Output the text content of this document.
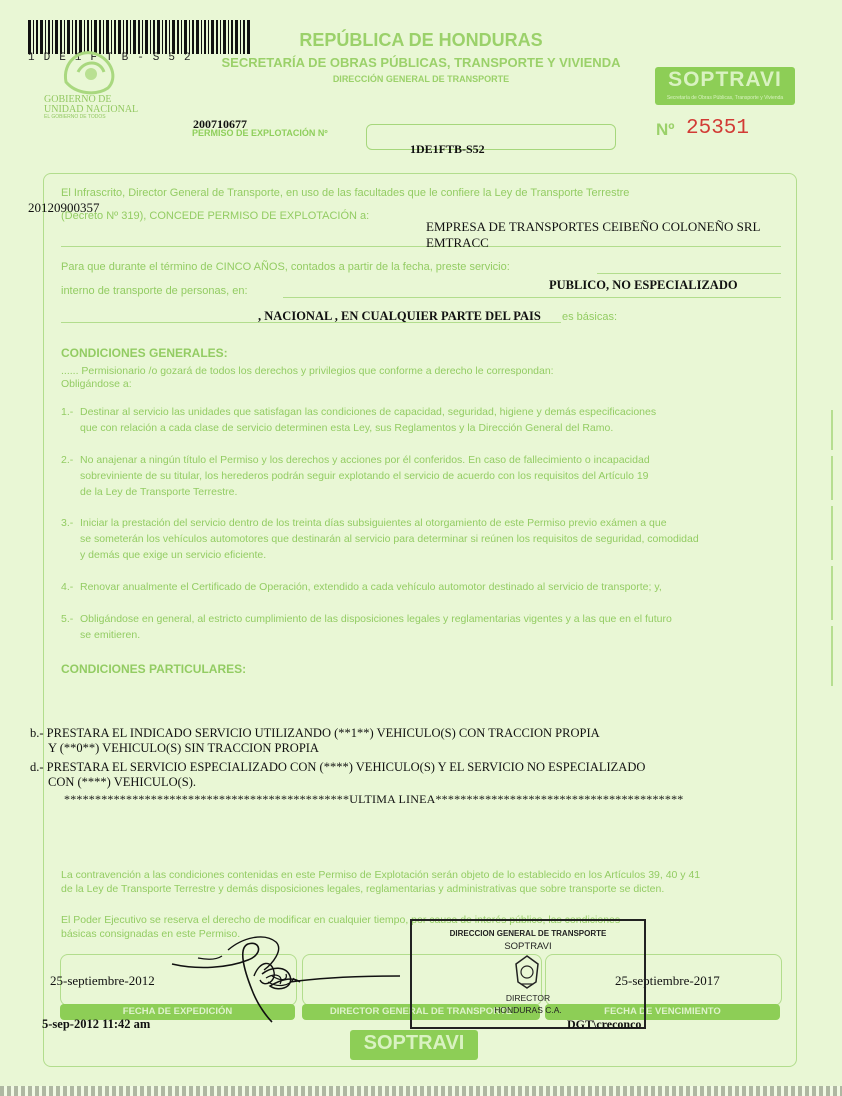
1DE1FTB-S52
GOBIERNO DE
UNIDAD NACIONAL
EL GOBIERNO DE TODOS
REPÚBLICA DE HONDURAS
SECRETARÍA DE OBRAS PÚBLICAS, TRANSPORTE Y VIVIENDA
DIRECCIÓN GENERAL DE TRANSPORTE	SOPTRAVI
Secretaría de Obras Públicas, Transporte y Vivienda
200710677
PERMISO DE EXPLOTACIÓN Nº
1DE1FTB-S52
Nº 25351
El Infrascrito, Director General de Transporte, en uso de las facultades que le confiere la Ley de Transporte Terrestre
(Decreto Nº 319), CONCEDE PERMISO DE EXPLOTACIÓN a:
20120900357
EMPRESA DE TRANSPORTES CEIBEÑO COLONEÑO SRL
EMTRACC
Para que durante el término de CINCO AÑOS, contados a partir de la fecha, preste servicio:
interno de transporte de personas, en:	PUBLICO, NO ESPECIALIZADO
, NACIONAL , EN CUALQUIER PARTE DEL PAIS es básicas:
CONDICIONES GENERALES:
...... Permisionario /o gozará de todos los derechos y privilegios que conforme a derecho le correspondan:
Obligándose a:
1.- Destinar al servicio las unidades que satisfagan las condiciones de capacidad, seguridad, higiene y demás especificaciones
que con relación a cada clase de servicio determinen esta Ley, sus Reglamentos y la Dirección General del Ramo.
2.- No anajenar a ningún título el Permiso y los derechos y acciones por él conferidos. En caso de fallecimiento o incapacidad
sobreviniente de su titular, los herederos podrán seguir explotando el servicio de acuerdo con los requisitos del Artículo 19
de la Ley de Transporte Terrestre.
3.- Iniciar la prestación del servicio dentro de los treinta días subsiguientes al otorgamiento de este Permiso previo exámen a que
se someterán los vehículos automotores que destinarán al servicio para determinar si reúnen los requisitos de seguridad, comodidad
y demás que exige un servicio eficiente.
4.- Renovar anualmente el Certificado de Operación, extendido a cada vehículo automotor destinado al servicio de transporte; y,
5.- Obligándose en general, al estricto cumplimiento de las disposiciones legales y reglamentarias vigentes y a las que en el futuro
se emitieren.
CONDICIONES PARTICULARES:
b.- PRESTARA EL INDICADO SERVICIO UTILIZANDO (**1**) VEHICULO(S) CON TRACCION PROPIA
Y (**0**) VEHICULO(S) SIN TRACCION PROPIA
d.- PRESTARA EL SERVICIO ESPECIALIZADO CON (****) VEHICULO(S) Y EL SERVICIO NO ESPECIALIZADO
CON (****) VEHICULO(S).
**********************************************ULTIMA LINEA****************************************
La contravención a las condiciones contenidas en este Permiso de Explotación serán objeto de lo establecido en los Artículos 39, 40 y 41
de la Ley de Transporte Terrestre y demás disposiciones legales, reglamentarias y administrativas que sobre transporte se dicten.
El Poder Ejecutivo se reserva el derecho de modificar en cualquier tiempo, por causa de interés público, las condiciones
básicas consignadas en este Permiso.
FECHA DE EXPEDICIÓN	DIRECTOR GENERAL DE TRANSPORTE	FECHA DE VENCIMIENTO
25-septiembre-2012	25-septiembre-2017
DIRECCION GENERAL DE TRANSPORTE
SOPTRAVI
DIRECTOR
HONDURAS C.A.
5-sep-2012 11:42 am	DGT\creconco
SOPTRAVI
